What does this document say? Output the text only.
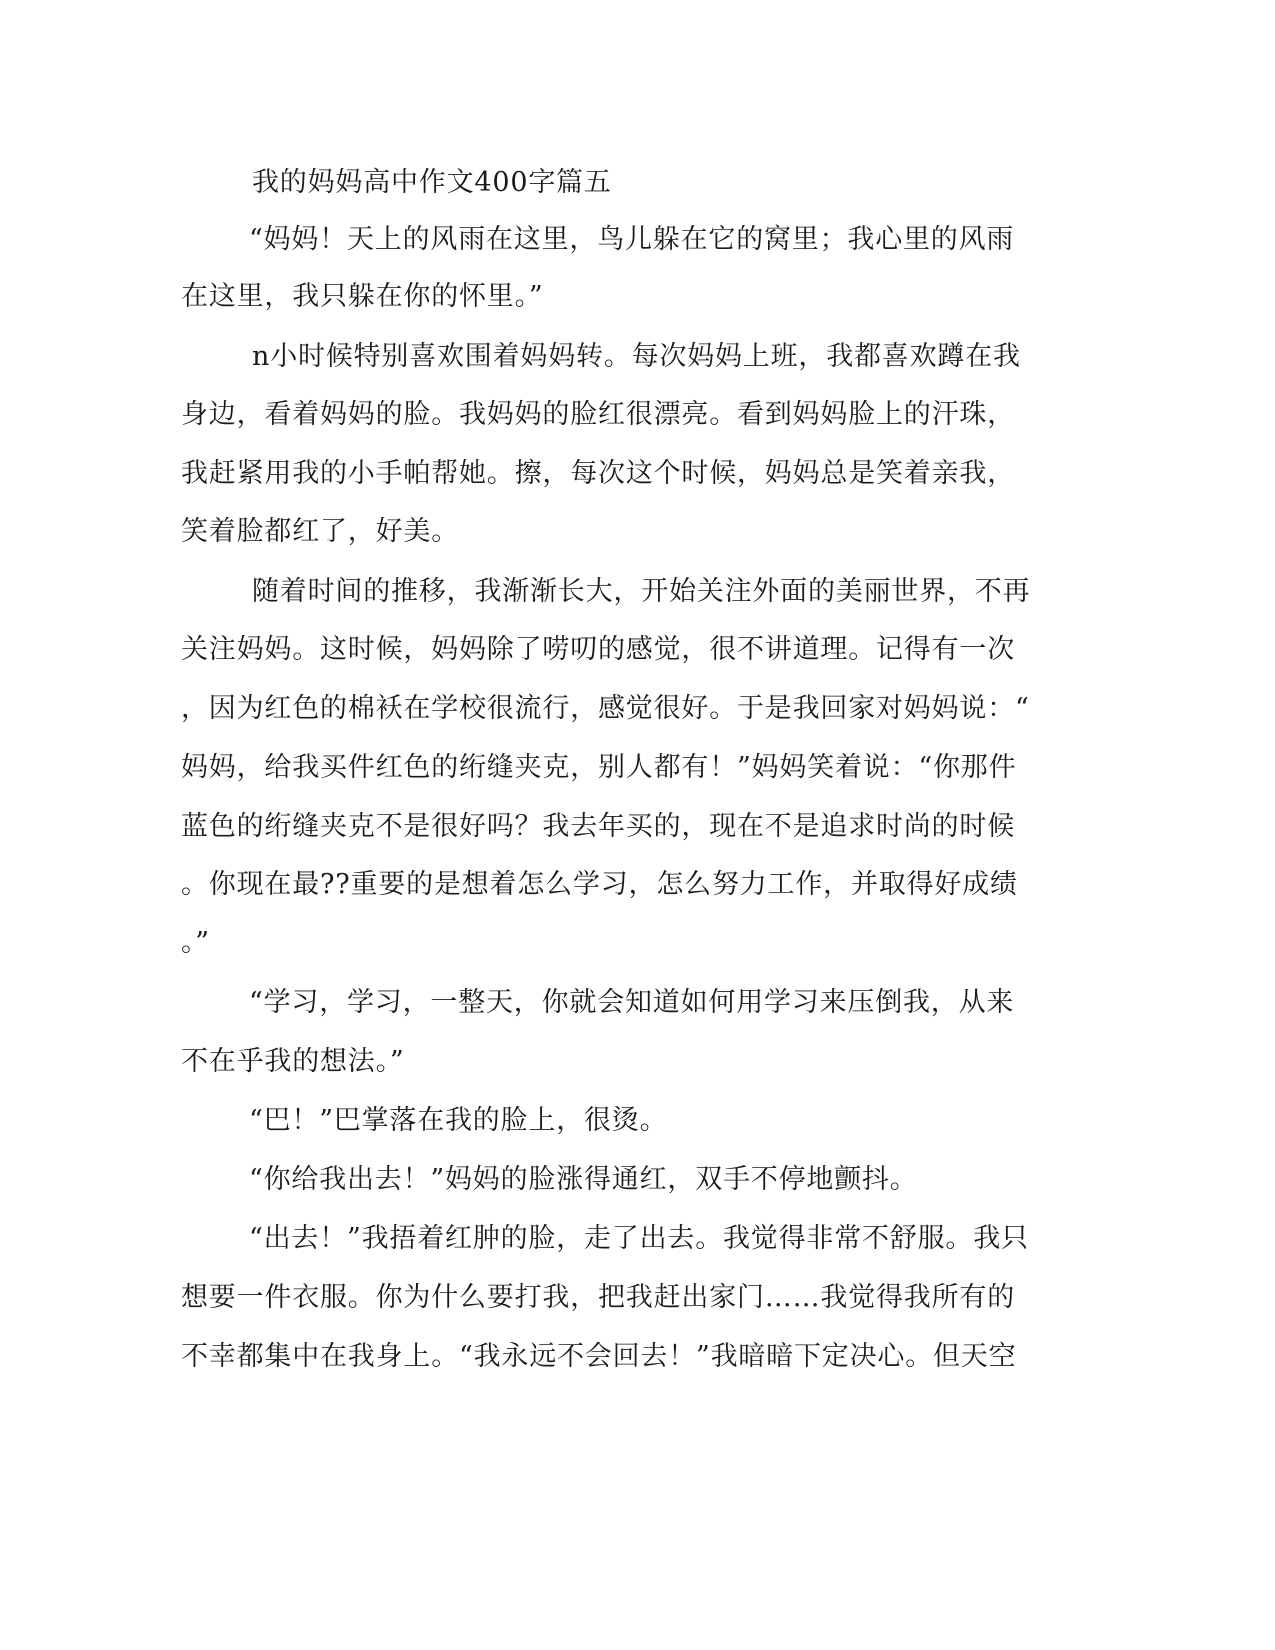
我的妈妈高中作文400字篇五
“妈妈！天上的风雨在这里，鸟儿躲在它的窝里；我心里的风雨
在这里，我只躲在你的怀里。”
n小时候特别喜欢围着妈妈转。每次妈妈上班，我都喜欢蹲在我
身边，看着妈妈的脸。我妈妈的脸红很漂亮。看到妈妈脸上的汗珠，
我赶紧用我的小手帕帮她。擦，每次这个时候，妈妈总是笑着亲我，
笑着脸都红了，好美。
随着时间的推移，我渐渐长大，开始关注外面的美丽世界，不再
关注妈妈。这时候，妈妈除了唠叨的感觉，很不讲道理。记得有一次
，因为红色的棉袄在学校很流行，感觉很好。于是我回家对妈妈说：“
妈妈，给我买件红色的绗缝夹克，别人都有！”妈妈笑着说：“你那件
蓝色的绗缝夹克不是很好吗？我去年买的，现在不是追求时尚的时候
。你现在最??重要的是想着怎么学习，怎么努力工作，并取得好成绩
。”
“学习，学习，一整天，你就会知道如何用学习来压倒我，从来
不在乎我的想法。”
“巴！”巴掌落在我的脸上，很烫。
“你给我出去！”妈妈的脸涨得通红，双手不停地颤抖。
“出去！”我捂着红肿的脸，走了出去。我觉得非常不舒服。我只
想要一件衣服。你为什么要打我，把我赶出家门……我觉得我所有的
不幸都集中在我身上。“我永远不会回去！”我暗暗下定决心。但天空
